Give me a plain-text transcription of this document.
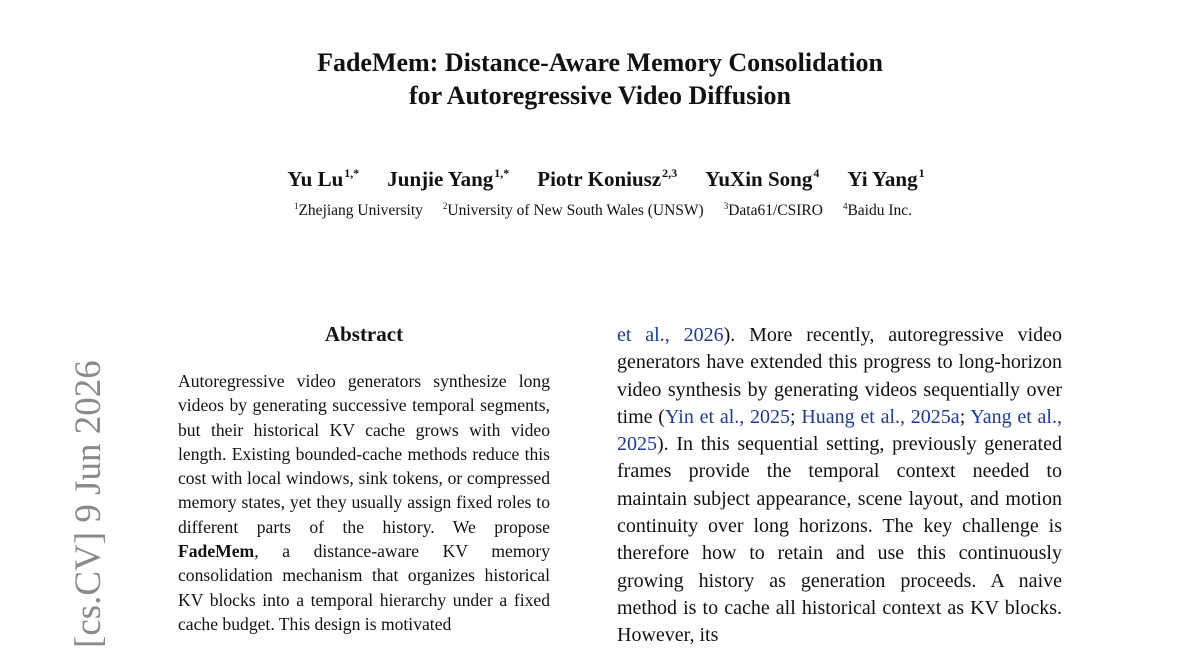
FadeMem: Distance-Aware Memory Consolidation
for Autoregressive Video Diffusion
Yu $Lu^{1,*}$ Junjie Yang$^{1,*}$ Piotr Koniusz$^{2,3}$ YuXin Song$^4$ Yi Yang$^1$
$^1$Zhejiang University $^2$University of New South Wales (UNSW) $^3$Data61/CSIRO $^4$Baidu Inc.
[cs.CV] 9 Jun 2026
Abstract
Autoregressive video generators synthesize long videos by generating successive temporal segments, but their historical KV cache grows with video length. Existing bounded-cache methods reduce this cost with local windows, sink tokens, or compressed memory states, yet they usually assign fixed roles to different parts of the history. We propose FadeMem, a distance-aware KV memory consolidation mechanism that organizes historical KV blocks into a temporal hierarchy under a fixed cache budget. This design is motivated
et al., 2026). More recently, autoregressive video generators have extended this progress to long-horizon video synthesis by generating videos sequentially over time (Yin et al., 2025; Huang et al., 2025a; Yang et al., 2025). In this sequential setting, previously generated frames provide the temporal context needed to maintain subject appearance, scene layout, and motion continuity over long horizons. The key challenge is therefore how to retain and use this continuously growing history as generation proceeds. A naive method is to cache all historical context as KV blocks. However, its
